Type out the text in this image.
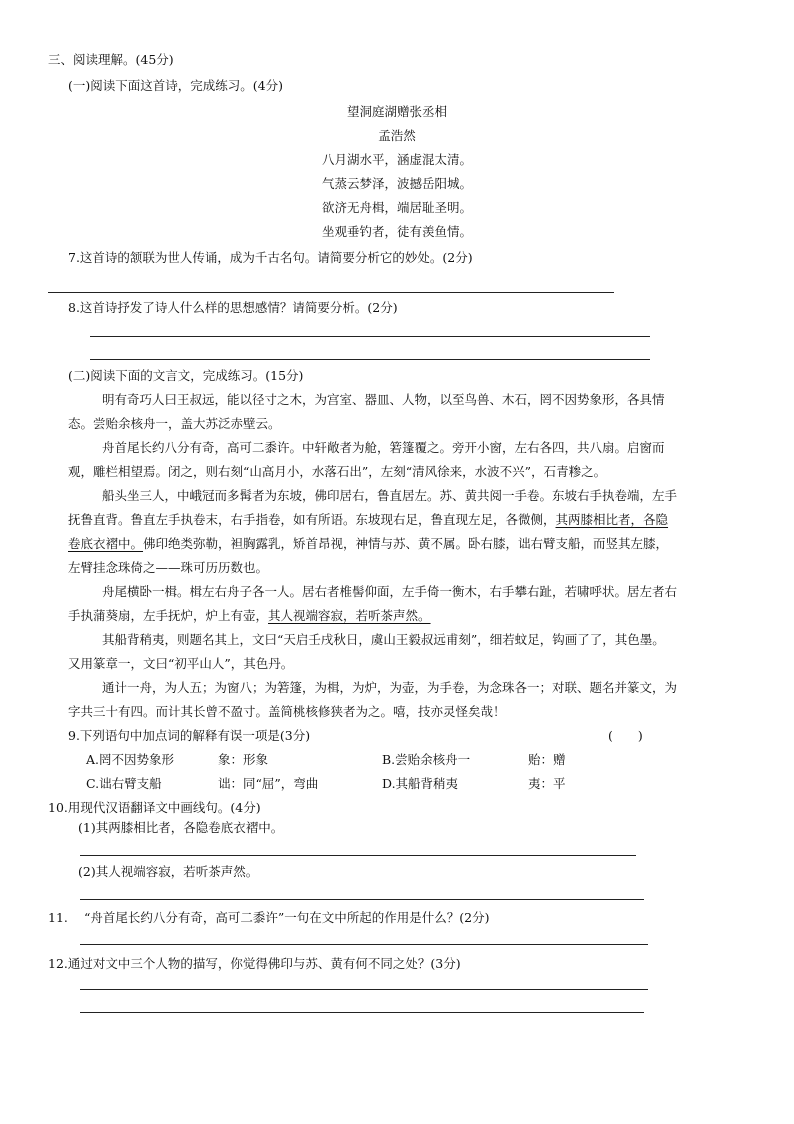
三、阅读理解。(45分)
(一)阅读下面这首诗，完成练习。(4分)
望洞庭湖赠张丞相
孟浩然
八月湖水平，涵虚混太清。
气蒸云梦泽，波撼岳阳城。
欲济无舟楫，端居耻圣明。
坐观垂钓者，徒有羡鱼情。
7.这首诗的颔联为世人传诵，成为千古名句。请简要分析它的妙处。(2分)
8.这首诗抒发了诗人什么样的思想感情？请简要分析。(2分)
(二)阅读下面的文言文，完成练习。(15分)
明有奇巧人曰王叔远，能以径寸之木，为宫室、器皿、人物，以至鸟兽、木石，罔不因势象形，各具情
态。尝贻余核舟一，盖大苏泛赤壁云。
舟首尾长约八分有奇，高可二黍许。中轩敞者为舱，箬篷覆之。旁开小窗，左右各四，共八扇。启窗而
观，雕栏相望焉。闭之，则右刻“山高月小，水落石出”，左刻“清风徐来，水波不兴”，石青糁之。
船头坐三人，中峨冠而多髯者为东坡，佛印居右，鲁直居左。苏、黄共阅一手卷。东坡右手执卷端，左手
抚鲁直背。鲁直左手执卷末，右手指卷，如有所语。东坡现右足，鲁直现左足，各微侧，其两膝相比者，各隐
卷底衣褶中。佛印绝类弥勒，袒胸露乳，矫首昂视，神情与苏、黄不属。卧右膝，诎右臂支船，而竖其左膝，
左臂挂念珠倚之——珠可历历数也。
舟尾横卧一楫。楫左右舟子各一人。居右者椎髻仰面，左手倚一衡木，右手攀右趾，若啸呼状。居左者右
手执蒲葵扇，左手抚炉，炉上有壶，其人视端容寂，若听茶声然。
其船背稍夷，则题名其上，文曰“天启壬戌秋日，虞山王毅叔远甫刻”，细若蚊足，钩画了了，其色墨。
又用篆章一，文曰“初平山人”，其色丹。
通计一舟，为人五；为窗八；为箬篷，为楫，为炉，为壶，为手卷，为念珠各一；对联、题名并篆文，为
字共三十有四。而计其长曾不盈寸。盖简桃核修狭者为之。嘻，技亦灵怪矣哉！
9.下列语句中加点词的解释有误一项是(3分)	(　　)
A.罔不因势象形	象：形象	B.尝贻余核舟一	贻：赠
C.诎右臂支船	诎：同“屈”，弯曲	D.其船背稍夷	夷：平
10.用现代汉语翻译文中画线句。(4分)
(1)其两膝相比者，各隐卷底衣褶中。
(2)其人视端容寂，若听茶声然。
11. “舟首尾长约八分有奇，高可二黍许”一句在文中所起的作用是什么？(2分)
12.通过对文中三个人物的描写，你觉得佛印与苏、黄有何不同之处？(3分)
